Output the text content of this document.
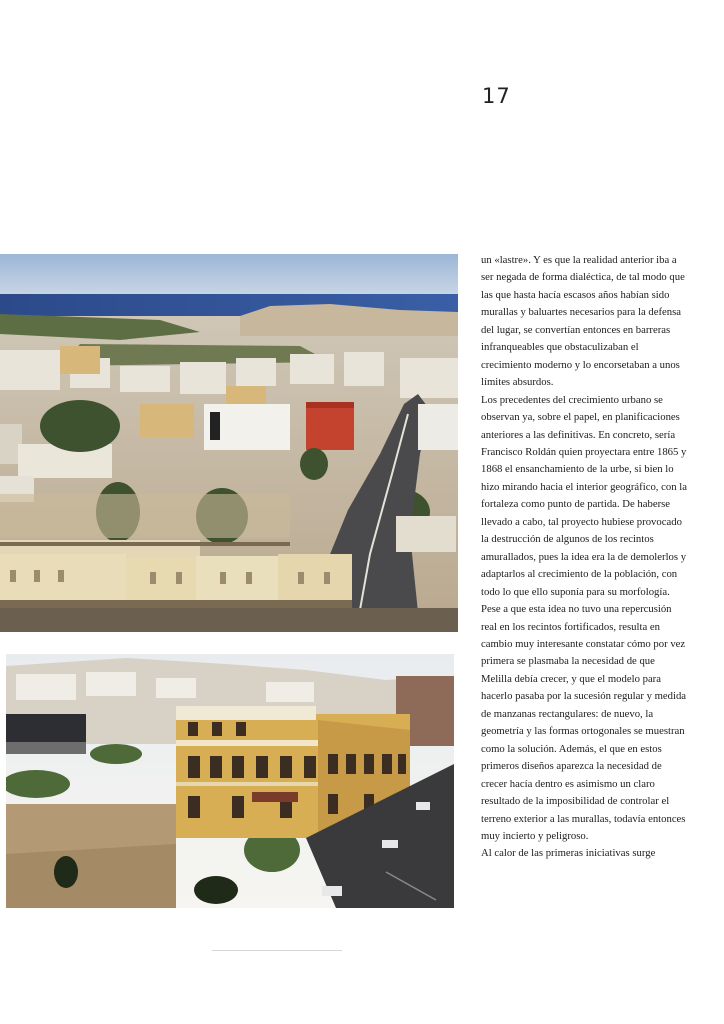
17

un «lastre». Y es que la realidad anterior iba a ser negada de forma dialéctica, de tal modo que las que hasta hacía escasos años habían sido murallas y baluartes necesarios para la defensa del lugar, se convertían entonces en barreras infranqueables que obstaculizaban el crecimiento moderno y lo encorsetaban a unos límites absurdos.

Los precedentes del crecimiento urbano se observan ya, sobre el papel, en planificaciones anteriores a las definitivas. En concreto, sería Francisco Roldán quien proyectara entre 1865 y 1868 el ensanchamiento de la urbe, si bien lo hizo mirando hacia el interior geográfico, con la fortaleza como punto de partida. De haberse llevado a cabo, tal proyecto hubiese provocado la destrucción de algunos de los recintos amurallados, pues la idea era la de demolerlos y adaptarlos al crecimiento de la población, con todo lo que ello suponía para su morfología. Pese a que esta idea no tuvo una repercusión real en los recintos fortificados, resulta en cambio muy interesante constatar cómo por vez primera se plasmaba la necesidad de que Melilla debía crecer, y que el modelo para hacerlo pasaba por la sucesión regular y medida de manzanas rectangulares: de nuevo, la geometría y las formas ortogonales se muestran como la solución. Además, el que en estos primeros diseños aparezca la necesidad de crecer hacía dentro es asimismo un claro resultado de la imposibilidad de controlar el terreno exterior a las murallas, todavía entonces muy incierto y peligroso.

Al calor de las primeras iniciativas surge
